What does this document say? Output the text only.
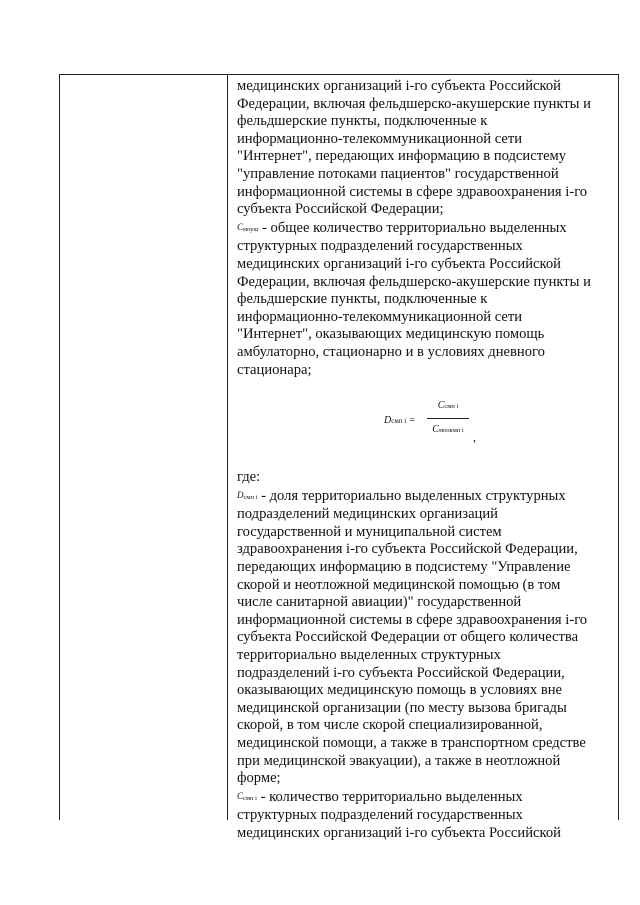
медицинских организаций i-го субъекта Российской

Федерации, включая фельдшерско-акушерские пункты и

фельдшерские пункты, подключенные к

информационно-телекоммуникационной сети

"Интернет", передающих информацию в подсистему

"управление потоками пациентов" государственной

информационной системы в сфере здравоохранения i-го

субъекта Российской Федерации;

Cмоуш - общее количество территориально выделенных

структурных подразделений государственных

медицинских организаций i-го субъекта Российской

Федерации, включая фельдшерско-акушерские пункты и

фельдшерские пункты, подключенные к

информационно-телекоммуникационной сети

"Интернет", оказывающих медицинскую помощь

амбулаторно, стационарно и в условиях дневного

стационара;

Dсмп i =
Cсмп i
Cмоокмп i ,

где:

Dсмп i - доля территориально выделенных структурных

подразделений медицинских организаций

государственной и муниципальной систем

здравоохранения i-го субъекта Российской Федерации,

передающих информацию в подсистему "Управление

скорой и неотложной медицинской помощью (в том

числе санитарной авиации)" государственной

информационной системы в сфере здравоохранения i-го

субъекта Российской Федерации от общего количества

территориально выделенных структурных

подразделений i-го субъекта Российской Федерации,

оказывающих медицинскую помощь в условиях вне

медицинской организации (по месту вызова бригады

скорой, в том числе скорой специализированной,

медицинской помощи, а также в транспортном средстве

при медицинской эвакуации), а также в неотложной

форме;

Cсмп i - количество территориально выделенных

структурных подразделений государственных

медицинских организаций i-го субъекта Российской
